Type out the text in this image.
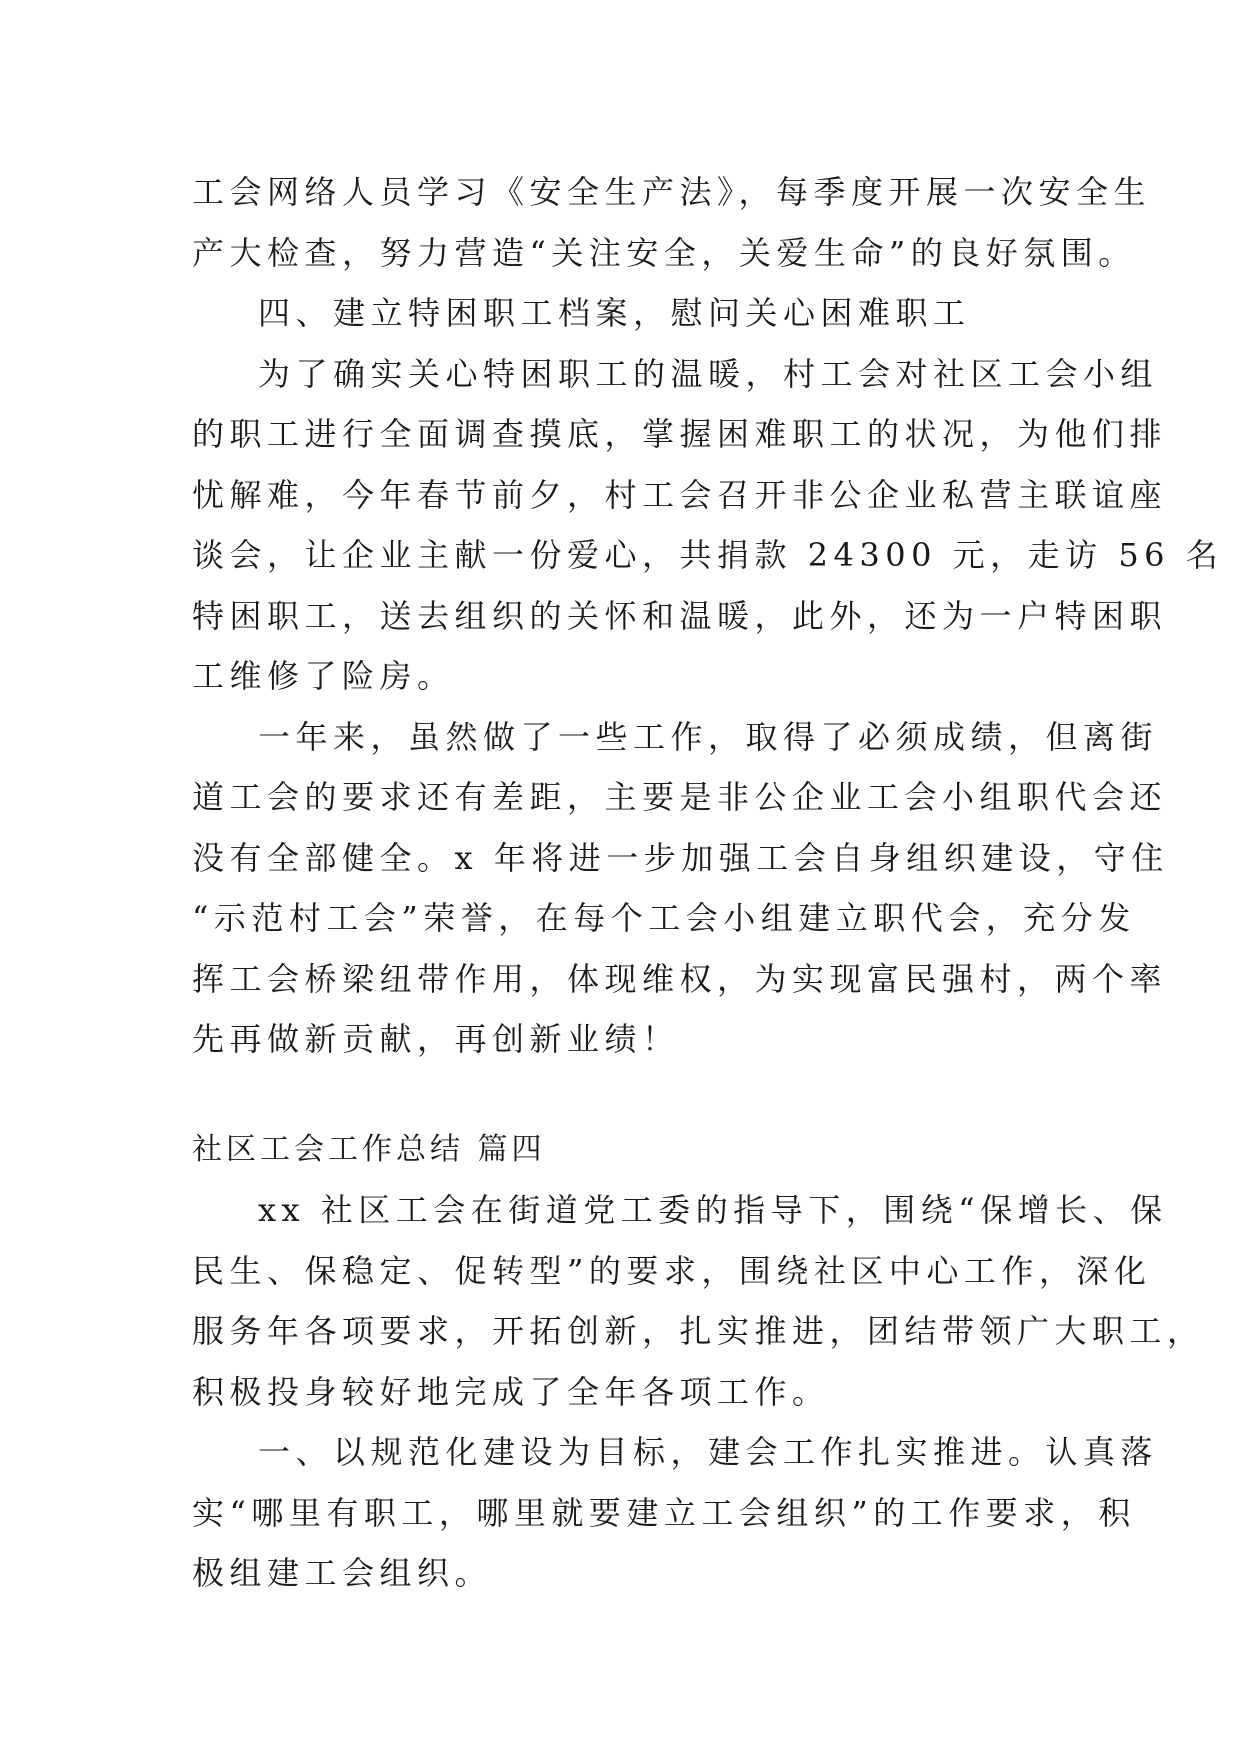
工会网络人员学习《安全生产法》，每季度开展一次安全生
产大检查，努力营造“关注安全，关爱生命”的良好氛围。
四、建立特困职工档案，慰问关心困难职工
为了确实关心特困职工的温暖，村工会对社区工会小组
的职工进行全面调查摸底，掌握困难职工的状况，为他们排
忧解难，今年春节前夕，村工会召开非公企业私营主联谊座
谈会，让企业主献一份爱心，共捐款 24300 元，走访 56 名
特困职工，送去组织的关怀和温暖，此外，还为一户特困职
工维修了险房。
一年来，虽然做了一些工作，取得了必须成绩，但离街
道工会的要求还有差距，主要是非公企业工会小组职代会还
没有全部健全。x 年将进一步加强工会自身组织建设，守住
“示范村工会”荣誉，在每个工会小组建立职代会，充分发
挥工会桥梁纽带作用，体现维权，为实现富民强村，两个率
先再做新贡献，再创新业绩！
社区工会工作总结 篇四
xx 社区工会在街道党工委的指导下，围绕“保增长、保
民生、保稳定、促转型”的要求，围绕社区中心工作，深化
服务年各项要求，开拓创新，扎实推进，团结带领广大职工，
积极投身较好地完成了全年各项工作。
一、以规范化建设为目标，建会工作扎实推进。认真落
实“哪里有职工，哪里就要建立工会组织”的工作要求，积
极组建工会组织。
